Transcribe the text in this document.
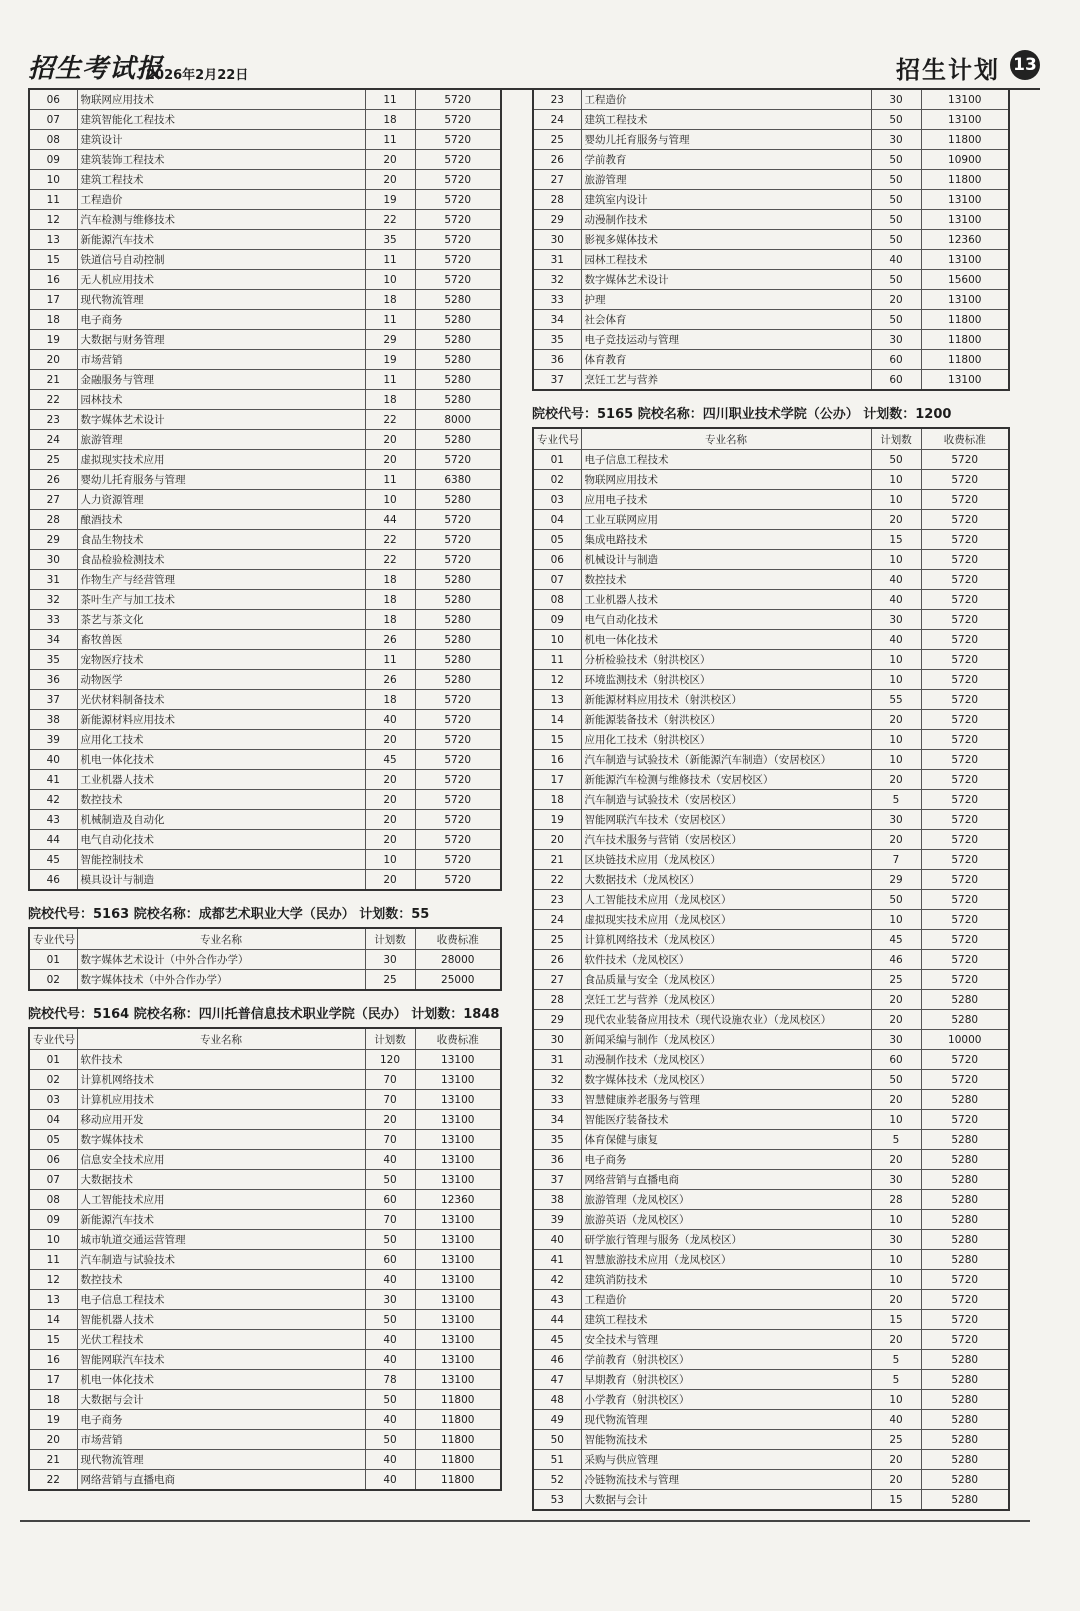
招生考试报
2026年2月22日	招生计划 13
06	物联网应用技术	11	5720
07	建筑智能化工程技术	18	5720
08	建筑设计	11	5720
09	建筑装饰工程技术	20	5720
10	建筑工程技术	20	5720
11	工程造价	19	5720
12	汽车检测与维修技术	22	5720
13	新能源汽车技术	35	5720
15	铁道信号自动控制	11	5720
16	无人机应用技术	10	5720
17	现代物流管理	18	5280
18	电子商务	11	5280
19	大数据与财务管理	29	5280
20	市场营销	19	5280
21	金融服务与管理	11	5280
22	园林技术	18	5280
23	数字媒体艺术设计	22	8000
24	旅游管理	20	5280
25	虚拟现实技术应用	20	5720
26	婴幼儿托育服务与管理	11	6380
27	人力资源管理	10	5280
28	酿酒技术	44	5720
29	食品生物技术	22	5720
30	食品检验检测技术	22	5720
31	作物生产与经营管理	18	5280
32	茶叶生产与加工技术	18	5280
33	茶艺与茶文化	18	5280
34	畜牧兽医	26	5280
35	宠物医疗技术	11	5280
36	动物医学	26	5280
37	光伏材料制备技术	18	5720
38	新能源材料应用技术	40	5720
39	应用化工技术	20	5720
40	机电一体化技术	45	5720
41	工业机器人技术	20	5720
42	数控技术	20	5720
43	机械制造及自动化	20	5720
44	电气自动化技术	20	5720
45	智能控制技术	10	5720
46	模具设计与制造	20	5720
院校代号：5163 院校名称：成都艺术职业大学（民办） 计划数：55
专业代号	专业名称	计划数	收费标准
01	数字媒体艺术设计（中外合作办学）	30	28000
02	数字媒体技术（中外合作办学）	25	25000
院校代号：5164 院校名称：四川托普信息技术职业学院（民办） 计划数：1848
专业代号	专业名称	计划数	收费标准
01	软件技术	120	13100
02	计算机网络技术	70	13100
03	计算机应用技术	70	13100
04	移动应用开发	20	13100
05	数字媒体技术	70	13100
06	信息安全技术应用	40	13100
07	大数据技术	50	13100
08	人工智能技术应用	60	12360
09	新能源汽车技术	70	13100
10	城市轨道交通运营管理	50	13100
11	汽车制造与试验技术	60	13100
12	数控技术	40	13100
13	电子信息工程技术	30	13100
14	智能机器人技术	50	13100
15	光伏工程技术	40	13100
16	智能网联汽车技术	40	13100
17	机电一体化技术	78	13100
18	大数据与会计	50	11800
19	电子商务	40	11800
20	市场营销	50	11800
21	现代物流管理	40	11800
22	网络营销与直播电商	40	11800
23	工程造价	30	13100
24	建筑工程技术	50	13100
25	婴幼儿托育服务与管理	30	11800
26	学前教育	50	10900
27	旅游管理	50	11800
28	建筑室内设计	50	13100
29	动漫制作技术	50	13100
30	影视多媒体技术	50	12360
31	园林工程技术	40	13100
32	数字媒体艺术设计	50	15600
33	护理	20	13100
34	社会体育	50	11800
35	电子竞技运动与管理	30	11800
36	体育教育	60	11800
37	烹饪工艺与营养	60	13100
院校代号：5165 院校名称：四川职业技术学院（公办） 计划数：1200
专业代号	专业名称	计划数	收费标准
01	电子信息工程技术	50	5720
02	物联网应用技术	10	5720
03	应用电子技术	10	5720
04	工业互联网应用	20	5720
05	集成电路技术	15	5720
06	机械设计与制造	10	5720
07	数控技术	40	5720
08	工业机器人技术	40	5720
09	电气自动化技术	30	5720
10	机电一体化技术	40	5720
11	分析检验技术（射洪校区）	10	5720
12	环境监测技术（射洪校区）	10	5720
13	新能源材料应用技术（射洪校区）	55	5720
14	新能源装备技术（射洪校区）	20	5720
15	应用化工技术（射洪校区）	10	5720
16	汽车制造与试验技术（新能源汽车制造）（安居校区）	10	5720
17	新能源汽车检测与维修技术（安居校区）	20	5720
18	汽车制造与试验技术（安居校区）	5	5720
19	智能网联汽车技术（安居校区）	30	5720
20	汽车技术服务与营销（安居校区）	20	5720
21	区块链技术应用（龙凤校区）	7	5720
22	大数据技术（龙凤校区）	29	5720
23	人工智能技术应用（龙凤校区）	50	5720
24	虚拟现实技术应用（龙凤校区）	10	5720
25	计算机网络技术（龙凤校区）	45	5720
26	软件技术（龙凤校区）	46	5720
27	食品质量与安全（龙凤校区）	25	5720
28	烹饪工艺与营养（龙凤校区）	20	5280
29	现代农业装备应用技术（现代设施农业）（龙凤校区）	20	5280
30	新闻采编与制作（龙凤校区）	30	10000
31	动漫制作技术（龙凤校区）	60	5720
32	数字媒体技术（龙凤校区）	50	5720
33	智慧健康养老服务与管理	20	5280
34	智能医疗装备技术	10	5720
35	体育保健与康复	5	5280
36	电子商务	20	5280
37	网络营销与直播电商	30	5280
38	旅游管理（龙凤校区）	28	5280
39	旅游英语（龙凤校区）	10	5280
40	研学旅行管理与服务（龙凤校区）	30	5280
41	智慧旅游技术应用（龙凤校区）	10	5280
42	建筑消防技术	10	5720
43	工程造价	20	5720
44	建筑工程技术	15	5720
45	安全技术与管理	20	5720
46	学前教育（射洪校区）	5	5280
47	早期教育（射洪校区）	5	5280
48	小学教育（射洪校区）	10	5280
49	现代物流管理	40	5280
50	智能物流技术	25	5280
51	采购与供应管理	20	5280
52	冷链物流技术与管理	20	5280
53	大数据与会计	15	5280
